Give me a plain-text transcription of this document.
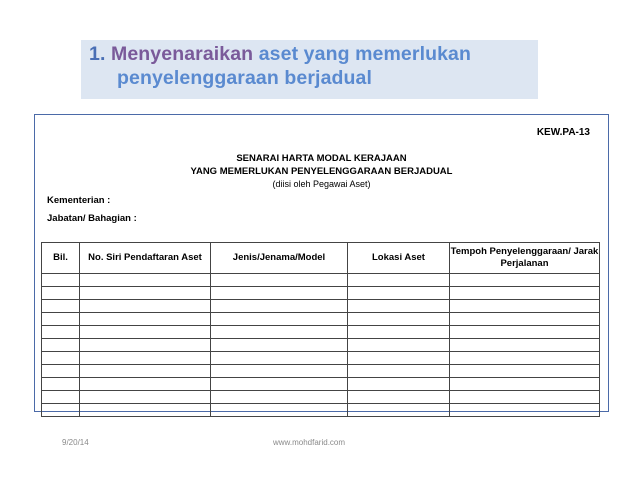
1. Menyenaraikan aset yang memerlukan
penyelenggaraan berjadual
KEW.PA-13
SENARAI HARTA MODAL KERAJAAN
YANG MEMERLUKAN PENYELENGGARAAN BERJADUAL
(diisi oleh Pegawai Aset)
Kementerian :
Jabatan/ Bahagian :
Bil.	No. Siri Pendaftaran Aset	Jenis/Jenama/Model	Lokasi Aset	Tempoh Penyelenggaraan/ Jarak Perjalanan

9/20/14	www.mohdfarid.com
